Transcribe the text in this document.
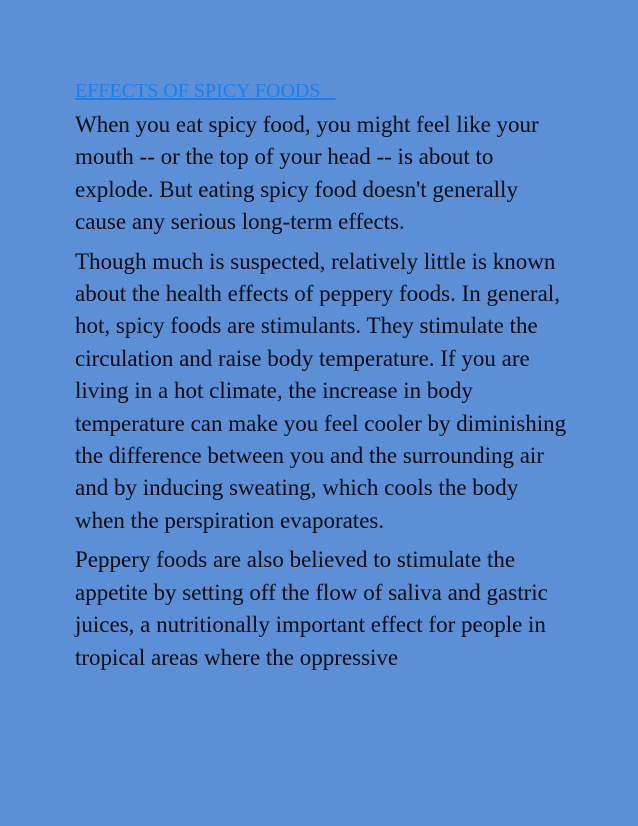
EFFECTS OF SPICY FOODS

When you eat spicy food, you might feel like your mouth -- or the top of your head -- is about to explode. But eating spicy food doesn't generally cause any serious long-term effects.

Though much is suspected, relatively little is known about the health effects of peppery foods. In general, hot, spicy foods are stimulants. They stimulate the circulation and raise body temperature. If you are living in a hot climate, the increase in body temperature can make you feel cooler by diminishing the difference between you and the surrounding air and by inducing sweating, which cools the body when the perspiration evaporates.

Peppery foods are also believed to stimulate the appetite by setting off the flow of saliva and gastric juices, a nutritionally important effect for people in tropical areas where the oppressive
